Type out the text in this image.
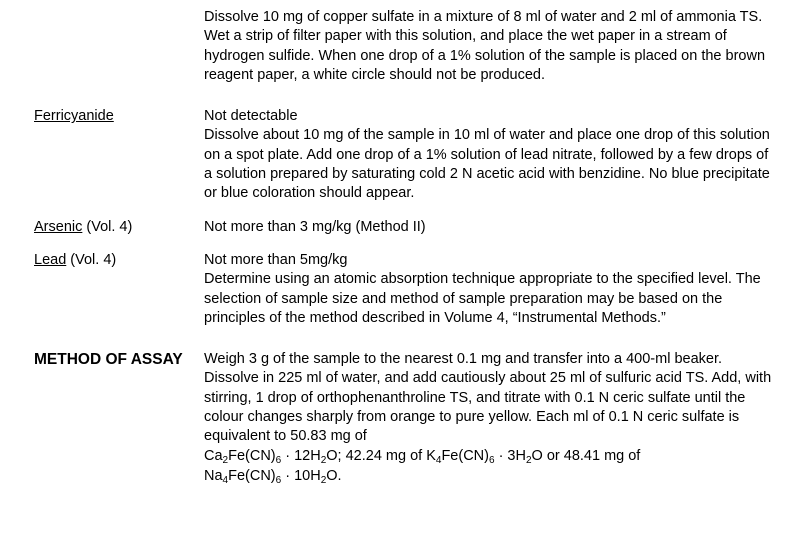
Dissolve 10 mg of copper sulfate in a mixture of 8 ml of water and 2 ml of ammonia TS. Wet a strip of filter paper with this solution, and place the wet paper in a stream of hydrogen sulfide. When one drop of a 1% solution of the sample is placed on the brown reagent paper, a white circle should not be produced.

Ferricyanide	Not detectable

Dissolve about 10 mg of the sample in 10 ml of water and place one drop of this solution on a spot plate. Add one drop of a 1% solution of lead nitrate, followed by a few drops of a solution prepared by saturating cold 2 N acetic acid with benzidine. No blue precipitate or blue coloration should appear.

Arsenic (Vol. 4)	Not more than 3 mg/kg (Method II)

Lead (Vol. 4)	Not more than 5mg/kg

Determine using an atomic absorption technique appropriate to the specified level. The selection of sample size and method of sample preparation may be based on the principles of the method described in Volume 4, “Instrumental Methods.”

METHOD OF ASSAY	Weigh 3 g of the sample to the nearest 0.1 mg and transfer into a 400-ml beaker. Dissolve in 225 ml of water, and add cautiously about 25 ml of sulfuric acid TS. Add, with stirring, 1 drop of orthophenanthroline TS, and titrate with 0.1 N ceric sulfate until the colour changes sharply from orange to pure yellow. Each ml of 0.1 N ceric sulfate is equivalent to 50.83 mg of

$Ca_2Fe(CN)_6 \cdot 12H_2O$; 42.24 mg of $K_4Fe(CN)_6 \cdot 3H_2O$ or 48.41 mg of

$Na_4Fe(CN)_6 \cdot 10H_2O$.
